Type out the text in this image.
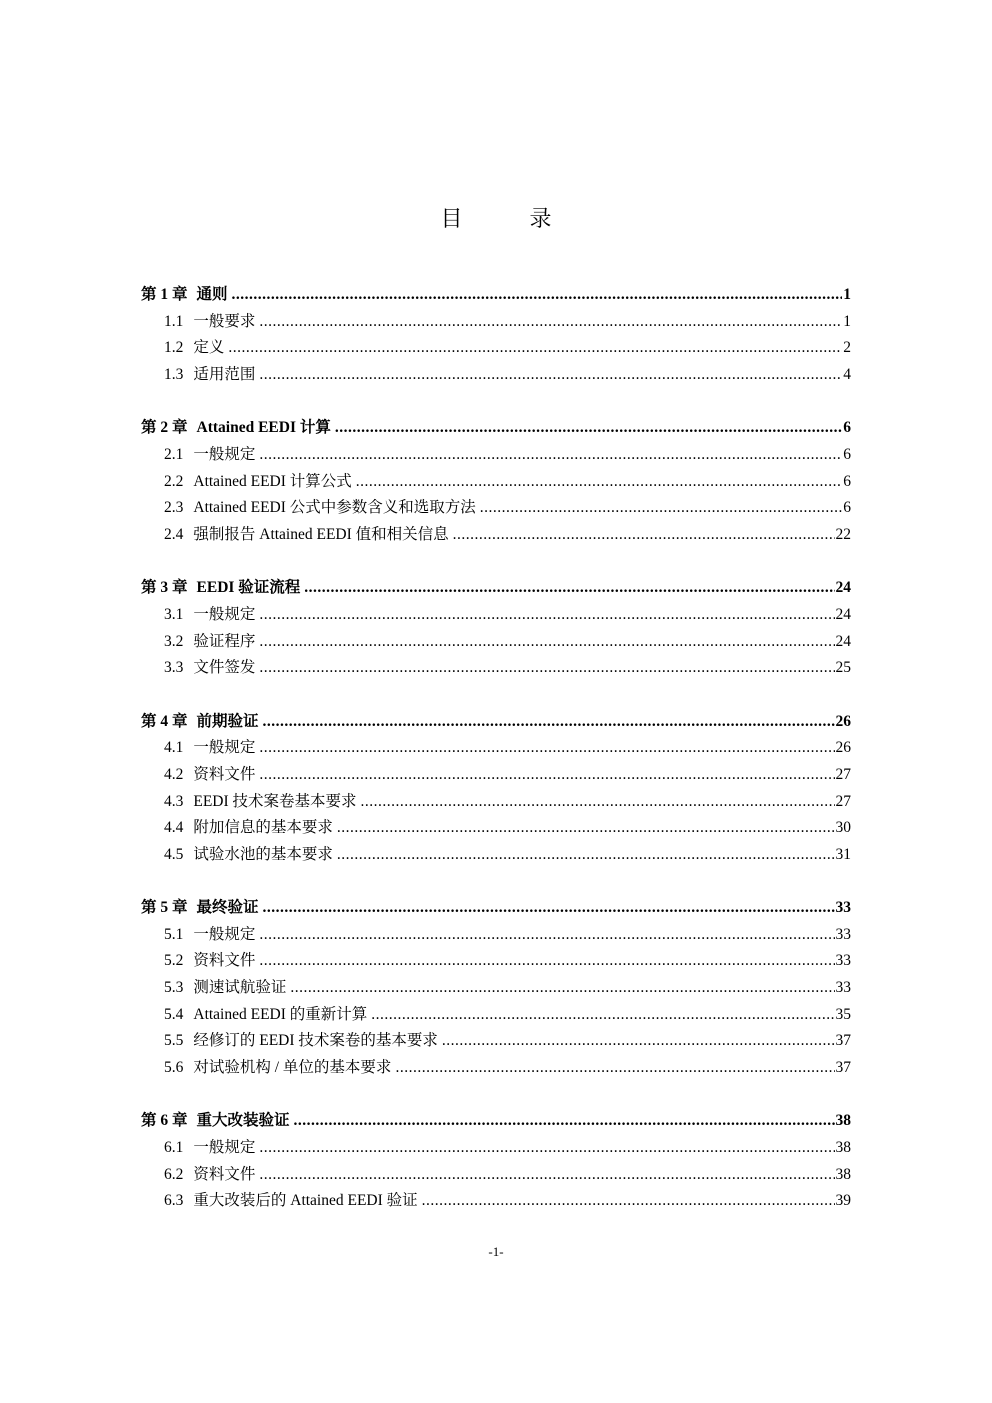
目 录
第 1 章 通则 .....	1
1.1 一般要求 .....	1
1.2 定义 .....	2
1.3 适用范围 .....	4
第 2 章 Attained EEDI 计算 .....	6
2.1 一般规定 .....	6
2.2 Attained EEDI 计算公式 .....	6
2.3 Attained EEDI 公式中参数含义和选取方法 .....	6
2.4 强制报告 Attained EEDI 值和相关信息 .....	22
第 3 章 EEDI 验证流程 .....	24
3.1 一般规定 .....	24
3.2 验证程序 .....	24
3.3 文件签发 .....	25
第 4 章 前期验证 .....	26
4.1 一般规定 .....	26
4.2 资料文件 .....	27
4.3 EEDI 技术案卷基本要求 .....	27
4.4 附加信息的基本要求 .....	30
4.5 试验水池的基本要求 .....	31
第 5 章 最终验证 .....	33
5.1 一般规定 .....	33
5.2 资料文件 .....	33
5.3 测速试航验证 .....	33
5.4 Attained EEDI 的重新计算 .....	35
5.5 经修订的 EEDI 技术案卷的基本要求 .....	37
5.6 对试验机构 / 单位的基本要求 .....	37
第 6 章 重大改装验证 .....	38
6.1 一般规定 .....	38
6.2 资料文件 .....	38
6.3 重大改装后的 Attained EEDI 验证 .....	39
-1-
